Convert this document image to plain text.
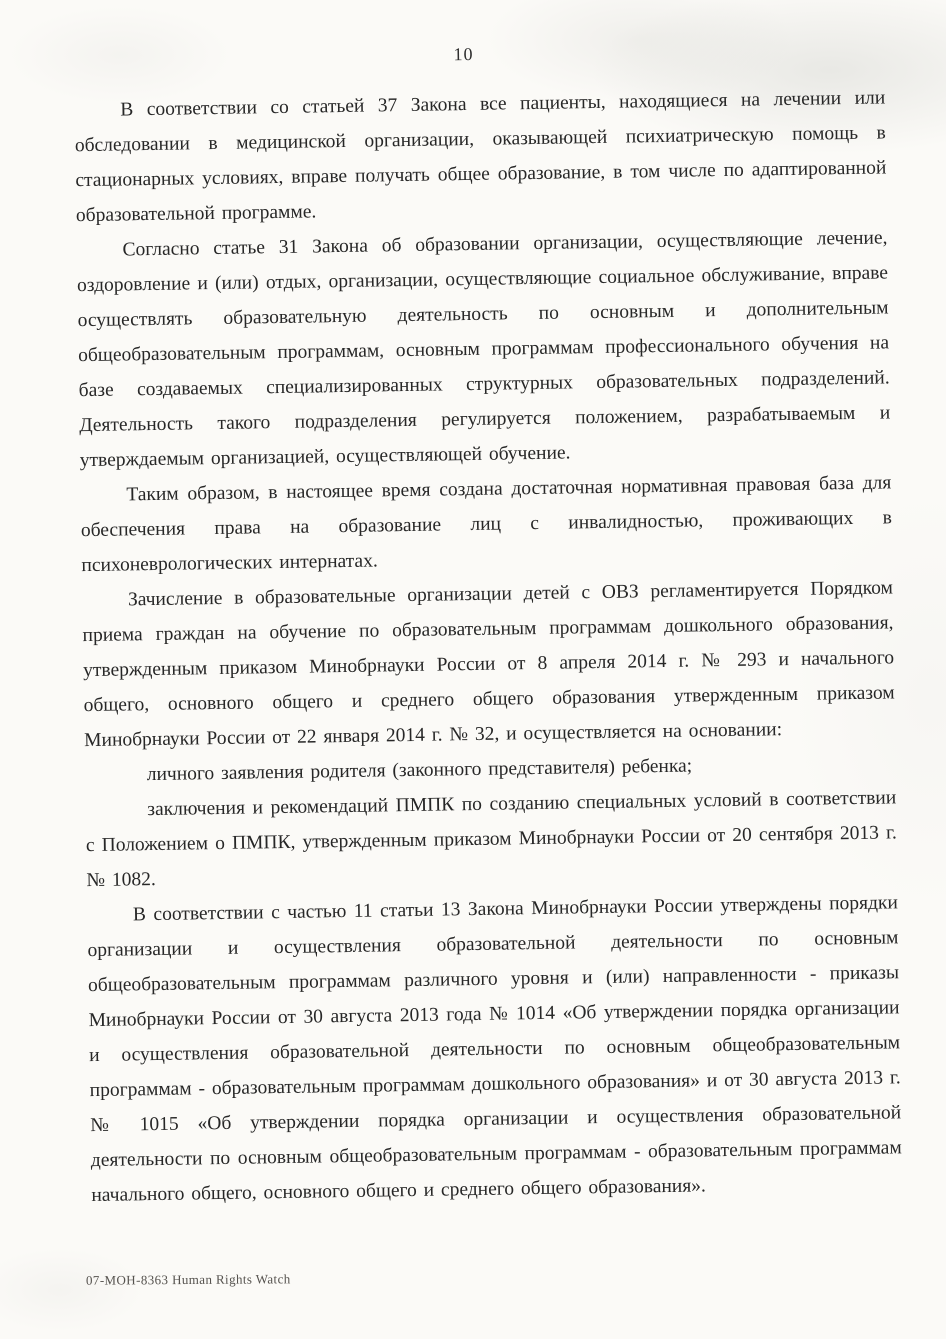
10

В соответствии со статьей 37 Закона все пациенты, находящиеся на лечении или обследовании в медицинской организации, оказывающей психиатрическую помощь в стационарных условиях, вправе получать общее образование, в том числе по адаптированной образовательной программе.

Согласно статье 31 Закона об образовании организации, осуществляющие лечение, оздоровление и (или) отдых, организации, осуществляющие социальное обслуживание, вправе осуществлять образовательную деятельность по основным и дополнительным общеобразовательным программам, основным программам профессионального обучения на базе создаваемых специализированных структурных образовательных подразделений. Деятельность такого подразделения регулируется положением, разрабатываемым и утверждаемым организацией, осуществляющей обучение.

Таким образом, в настоящее время создана достаточная нормативная правовая база для обеспечения права на образование лиц с инвалидностью, проживающих в психоневрологических интернатах.

Зачисление в образовательные организации детей с ОВЗ регламентируется Порядком приема граждан на обучение по образовательным программам дошкольного образования, утвержденным приказом Минобрнауки России от 8 апреля 2014 г. № 293 и начального общего, основного общего и среднего общего образования утвержденным приказом Минобрнауки России от 22 января 2014 г. № 32, и осуществляется на основании:

личного заявления родителя (законного представителя) ребенка;

заключения и рекомендаций ПМПК по созданию специальных условий в соответствии с Положением о ПМПК, утвержденным приказом Минобрнауки России от 20 сентября 2013 г. № 1082.

В соответствии с частью 11 статьи 13 Закона Минобрнауки России утверждены порядки организации и осуществления образовательной деятельности по основным общеобразовательным программам различного уровня и (или) направленности - приказы Минобрнауки России от 30 августа 2013 года № 1014 «Об утверждении порядка организации и осуществления образовательной деятельности по основным общеобразовательным программам - образовательным программам дошкольного образования» и от 30 августа 2013 г. № 1015 «Об утверждении порядка организации и осуществления образовательной деятельности по основным общеобразовательным программам - образовательным программам начального общего, основного общего и среднего общего образования».

07-MOH-8363 Human Rights Watch
